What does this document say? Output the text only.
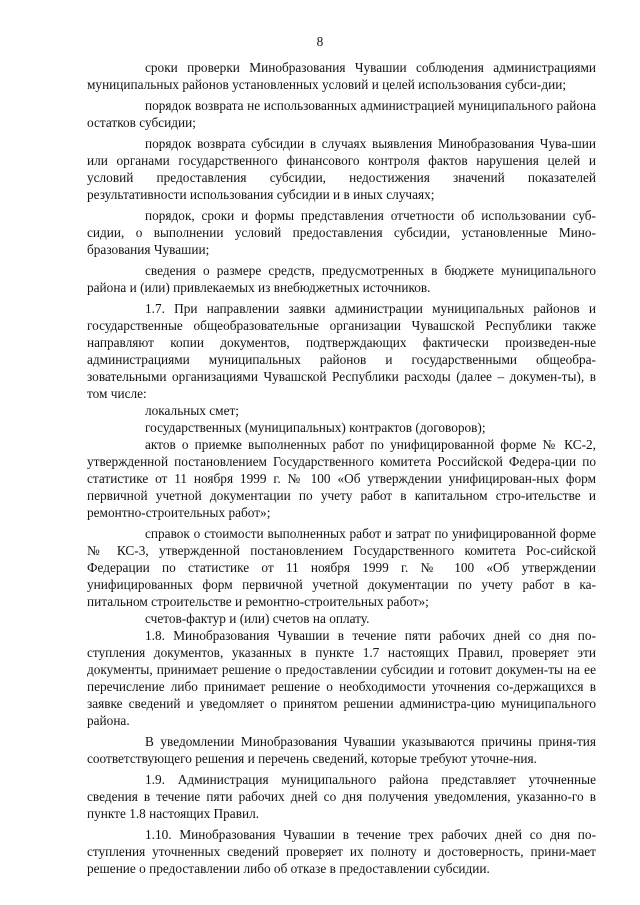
8

сроки проверки Минобразования Чувашии соблюдения администрациями муниципальных районов установленных условий и целей использования субси-дии;

порядок возврата не использованных администрацией муниципального района остатков субсидии;

порядок возврата субсидии в случаях выявления Минобразования Чува-шии или органами государственного финансового контроля фактов нарушения целей и условий предоставления субсидии, недостижения значений показателей результативности использования субсидии и в иных случаях;

порядок, сроки и формы представления отчетности об использовании суб-сидии, о выполнении условий предоставления субсидии, установленные Мино-бразования Чувашии;

сведения о размере средств, предусмотренных в бюджете муниципального района и (или) привлекаемых из внебюджетных источников.

1.7. При направлении заявки администрации муниципальных районов и государственные общеобразовательные организации Чувашской Республики также направляют копии документов, подтверждающих фактически произведен-ные администрациями муниципальных районов и государственными общеобра-зовательными организациями Чувашской Республики расходы (далее – докумен-ты), в том числе:

локальных смет;

государственных (муниципальных) контрактов (договоров);

актов о приемке выполненных работ по унифицированной форме № КС-2, утвержденной постановлением Государственного комитета Российской Федера-ции по статистике от 11 ноября 1999 г. № 100 «Об утверждении унифицирован-ных форм первичной учетной документации по учету работ в капитальном стро-ительстве и ремонтно-строительных работ»;

справок о стоимости выполненных работ и затрат по унифицированной форме № КС-3, утвержденной постановлением Государственного комитета Рос-сийской Федерации по статистике от 11 ноября 1999 г. № 100 «Об утверждении унифицированных форм первичной учетной документации по учету работ в ка-питальном строительстве и ремонтно-строительных работ»;

счетов-фактур и (или) счетов на оплату.

1.8. Минобразования Чувашии в течение пяти рабочих дней со дня по-ступления документов, указанных в пункте 1.7 настоящих Правил, проверяет эти документы, принимает решение о предоставлении субсидии и готовит докумен-ты на ее перечисление либо принимает решение о необходимости уточнения со-держащихся в заявке сведений и уведомляет о принятом решении администра-цию муниципального района.

В уведомлении Минобразования Чувашии указываются причины приня-тия соответствующего решения и перечень сведений, которые требуют уточне-ния.

1.9. Администрация муниципального района представляет уточненные сведения в течение пяти рабочих дней со дня получения уведомления, указанно-го в пункте 1.8 настоящих Правил.

1.10. Минобразования Чувашии в течение трех рабочих дней со дня по-ступления уточненных сведений проверяет их полноту и достоверность, прини-мает решение о предоставлении либо об отказе в предоставлении субсидии.
